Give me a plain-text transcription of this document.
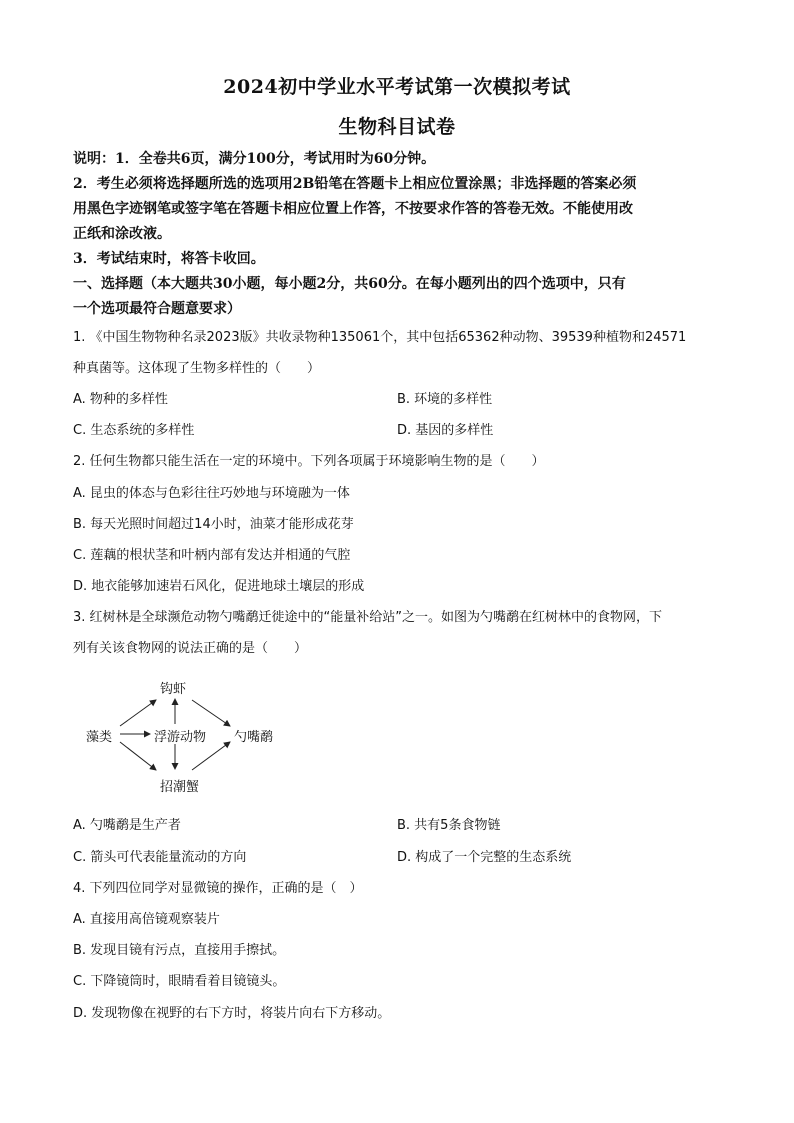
2024初中学业水平考试第一次模拟考试
生物科目试卷
说明：1．全卷共6页，满分100分，考试用时为60分钟。
2．考生必须将选择题所选的选项用2B铅笔在答题卡上相应位置涂黑；非选择题的答案必须
用黑色字迹钢笔或签字笔在答题卡相应位置上作答，不按要求作答的答卷无效。不能使用改
正纸和涂改液。
3．考试结束时，将答卡收回。
一、选择题（本大题共30小题，每小题2分，共60分。在每小题列出的四个选项中，只有
一个选项最符合题意要求）
1. 《中国生物物种名录2023版》共收录物种135061个，其中包括65362种动物、39539种植物和24571
种真菌等。这体现了生物多样性的（　　）
A. 物种的多样性	B. 环境的多样性
C. 生态系统的多样性	D. 基因的多样性
2. 任何生物都只能生活在一定的环境中。下列各项属于环境影响生物的是（　　）
A. 昆虫的体态与色彩往往巧妙地与环境融为一体
B. 每天光照时间超过14小时，油菜才能形成花芽
C. 莲藕的根状茎和叶柄内部有发达并相通的气腔
D. 地衣能够加速岩石风化，促进地球土壤层的形成
3. 红树林是全球濒危动物勺嘴鹬迁徙途中的“能量补给站”之一。如图为勺嘴鹬在红树林中的食物网，下
列有关该食物网的说法正确的是（　　）
钩虾
藻类	浮游动物 勺嘴鹬
招潮蟹
A. 勺嘴鹬是生产者	B. 共有5条食物链
C. 箭头可代表能量流动的方向	D. 构成了一个完整的生态系统
4. 下列四位同学对显微镜的操作，正确的是（　）
A. 直接用高倍镜观察装片
B. 发现目镜有污点，直接用手擦拭。
C. 下降镜筒时，眼睛看着目镜镜头。
D. 发现物像在视野的右下方时，将装片向右下方移动。
